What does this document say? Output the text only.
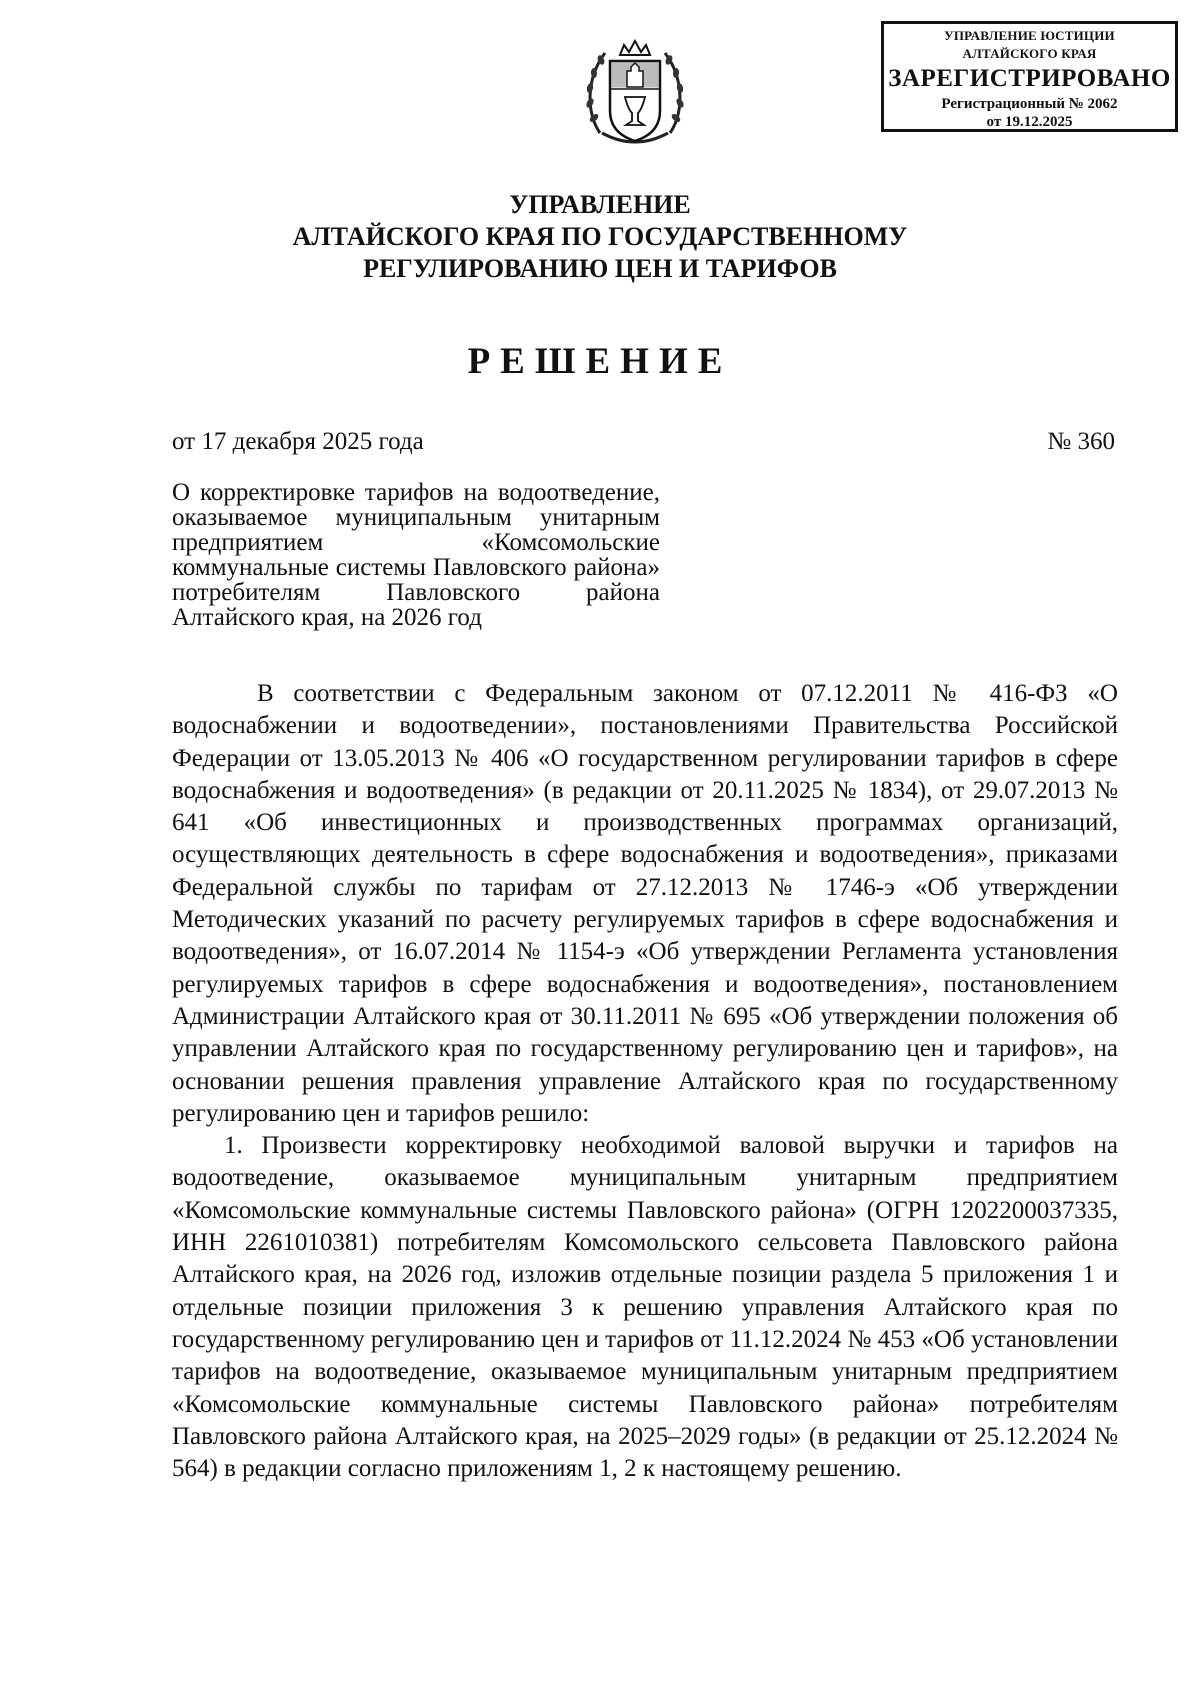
УПРАВЛЕНИЕ ЮСТИЦИИ
АЛТАЙСКОГО КРАЯ
ЗАРЕГИСТРИРОВАНО
Регистрационный № 2062
от 19.12.2025
УПРАВЛЕНИЕ
АЛТАЙСКОГО КРАЯ ПО ГОСУДАРСТВЕННОМУ
РЕГУЛИРОВАНИЮ ЦЕН И ТАРИФОВ
РЕШЕНИЕ
от 17 декабря 2025 года	№ 360
О корректировке тарифов на водоотведение, оказываемое муниципальным унитарным предприятием «Комсомольские коммунальные системы Павловского района» потребителям Павловского района Алтайского края, на 2026 год

В соответствии с Федеральным законом от 07.12.2011 № 416-ФЗ «О водоснабжении и водоотведении», постановлениями Правительства Российской Федерации от 13.05.2013 № 406 «О государственном регулировании тарифов в сфере водоснабжения и водоотведения» (в редакции от 20.11.2025 № 1834), от 29.07.2013 № 641 «Об инвестиционных и производственных программах организаций, осуществляющих деятельность в сфере водоснабжения и водоотведения», приказами Федеральной службы по тарифам от 27.12.2013 № 1746-э «Об утверждении Методических указаний по расчету регулируемых тарифов в сфере водоснабжения и водоотведения», от 16.07.2014 № 1154-э «Об утверждении Регламента установления регулируемых тарифов в сфере водоснабжения и водоотведения», постановлением Администрации Алтайского края от 30.11.2011 № 695 «Об утверждении положения об управлении Алтайского края по государственному регулированию цен и тарифов», на основании решения правления управление Алтайского края по государственному регулированию цен и тарифов решило:

1. Произвести корректировку необходимой валовой выручки и тарифов на водоотведение, оказываемое муниципальным унитарным предприятием «Комсомольские коммунальные системы Павловского района» (ОГРН 1202200037335, ИНН 2261010381) потребителям Комсомольского сельсовета Павловского района Алтайского края, на 2026 год, изложив отдельные позиции раздела 5 приложения 1 и отдельные позиции приложения 3 к решению управления Алтайского края по государственному регулированию цен и тарифов от 11.12.2024 № 453 «Об установлении тарифов на водоотведение, оказываемое муниципальным унитарным предприятием «Комсомольские коммунальные системы Павловского района» потребителям Павловского района Алтайского края, на 2025–2029 годы» (в редакции от 25.12.2024 № 564) в редакции согласно приложениям 1, 2 к настоящему решению.
